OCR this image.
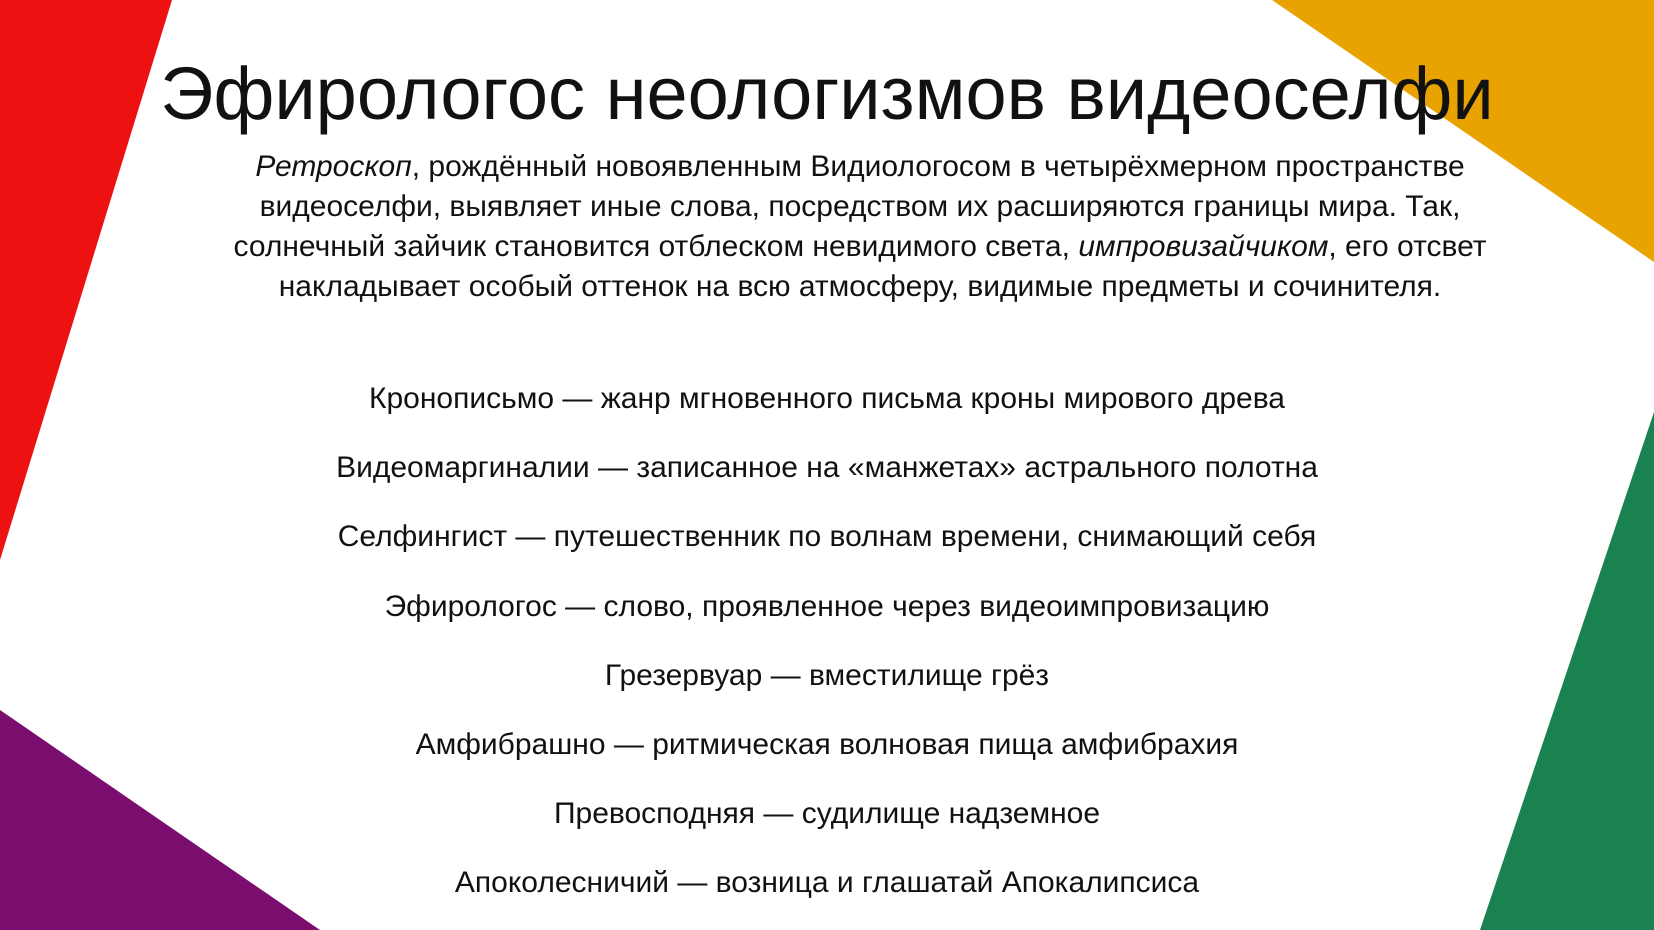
Эфирологос неологизмов видеоселфи

Ретроскоп, рождённый новоявленным Видиологосом в четырёхмерном пространстве видеоселфи, выявляет иные слова, посредством их расширяются границы мира. Так, солнечный зайчик становится отблеском невидимого света, импровизайчиком, его отсвет накладывает особый оттенок на всю атмосферу, видимые предметы и сочинителя.

Кронописьмо — жанр мгновенного письма кроны мирового древа
Видеомаргиналии — записанное на «манжетах» астрального полотна
Селфингист — путешественник по волнам времени, снимающий себя
Эфирологос — слово, проявленное через видеоимпровизацию
Грезервуар — вместилище грёз
Амфибрашно — ритмическая волновая пища амфибрахия
Превосподняя — судилище надземное
Апоколесничий — возница и глашатай Апокалипсиса
